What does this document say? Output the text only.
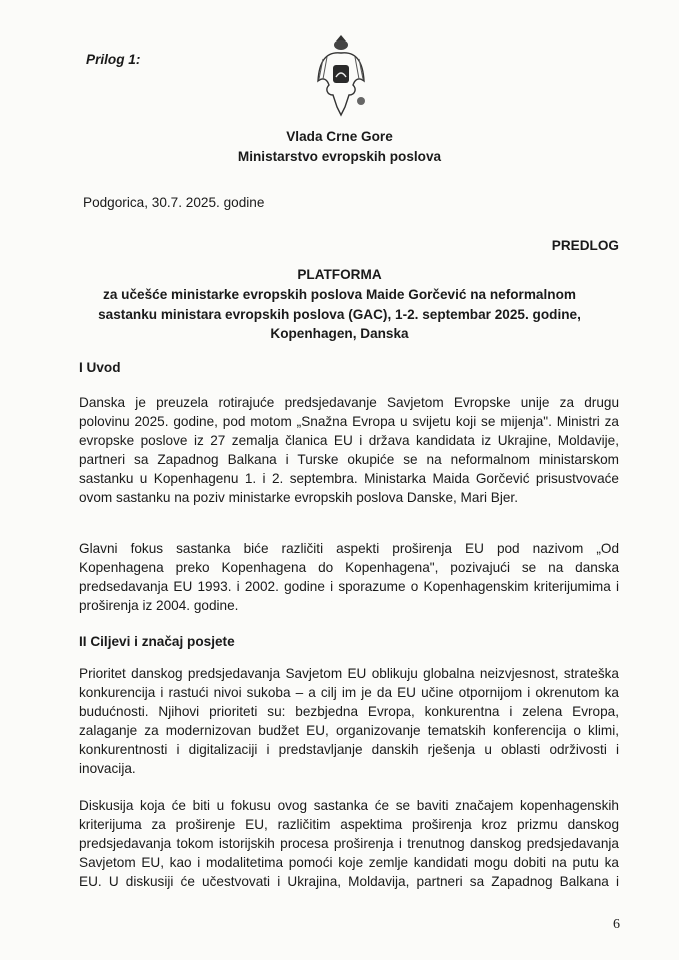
Prilog 1:
Vlada Crne Gore
Ministarstvo evropskih poslova
Podgorica, 30.7. 2025. godine
PREDLOG
PLATFORMA
za učešće ministarke evropskih poslova Maide Gorčević na neformalnom
sastanku ministara evropskih poslova (GAC), 1-2. septembar 2025. godine,
Kopenhagen, Danska
I Uvod
Danska je preuzela rotirajuće predsjedavanje Savjetom Evropske unije za drugu
polovinu 2025. godine, pod motom „Snažna Evropa u svijetu koji se mijenja". Ministri za
evropske poslove iz 27 zemalja članica EU i država kandidata iz Ukrajine, Moldavije,
partneri sa Zapadnog Balkana i Turske okupiće se na neformalnom ministarskom
sastanku u Kopenhagenu 1. i 2. septembra. Ministarka Maida Gorčević prisustvovaće
ovom sastanku na poziv ministarke evropskih poslova Danske, Mari Bjer.
Glavni fokus sastanka biće različiti aspekti proširenja EU pod nazivom „Od
Kopenhagena preko Kopenhagena do Kopenhagena", pozivajući se na danska
predsedavanja EU 1993. i 2002. godine i sporazume o Kopenhagenskim kriterijumima i
proširenja iz 2004. godine.
II Ciljevi i značaj posjete
Prioritet danskog predsjedavanja Savjetom EU oblikuju globalna neizvjesnost, strateška
konkurencija i rastući nivoi sukoba – a cilj im je da EU učine otpornijom i okrenutom ka
budućnosti. Njihovi prioriteti su: bezbjedna Evropa, konkurentna i zelena Evropa,
zalaganje za modernizovan budžet EU, organizovanje tematskih konferencija o klimi,
konkurentnosti i digitalizaciji i predstavljanje danskih rješenja u oblasti održivosti i
inovacija.
Diskusija koja će biti u fokusu ovog sastanka će se baviti značajem kopenhagenskih
kriterijuma za proširenje EU, različitim aspektima proširenja kroz prizmu danskog
predsjedavanja tokom istorijskih procesa proširenja i trenutnog danskog predsjedavanja
Savjetom EU, kao i modalitetima pomoći koje zemlje kandidati mogu dobiti na putu ka
EU. U diskusiji će učestvovati i Ukrajina, Moldavija, partneri sa Zapadnog Balkana i
6
